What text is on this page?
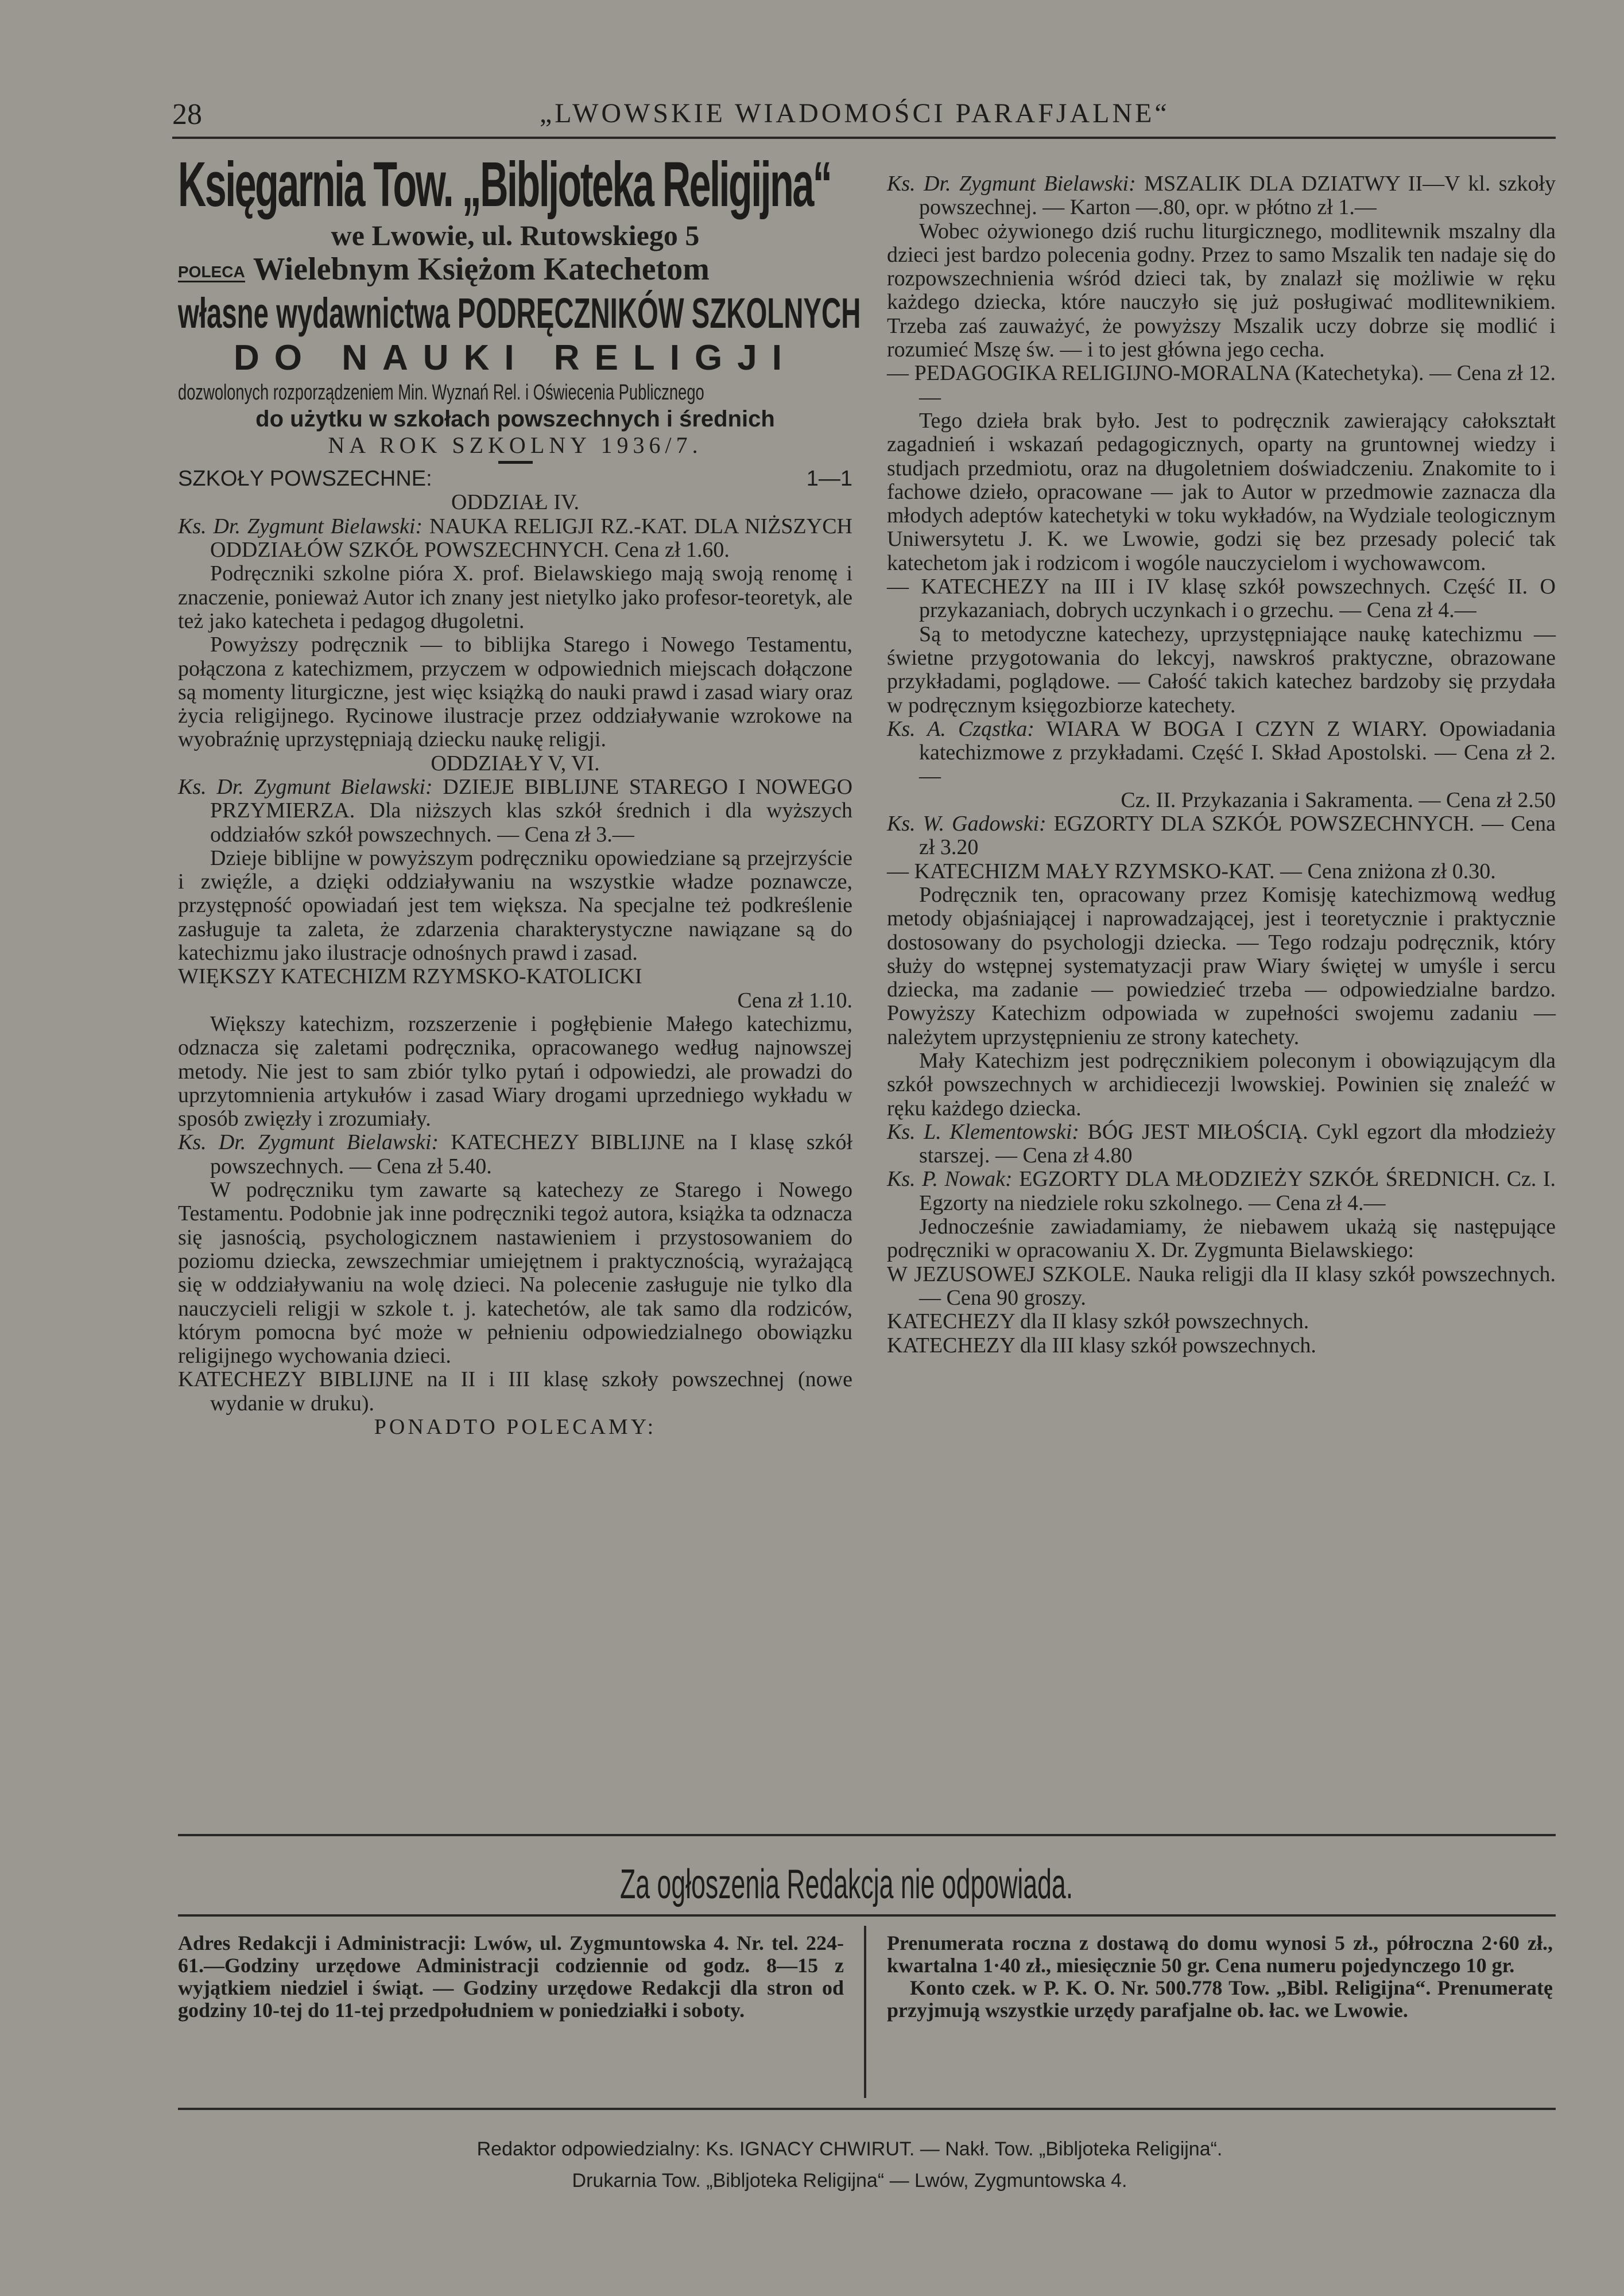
28	„LWOWSKIE WIADOMOŚCI PARAFJALNE“
Księgarnia Tow. „Bibljoteka Religijna“
we Lwowie, ul. Rutowskiego 5
POLECA Wielebnym Księżom Katechetom
własne wydawnictwa PODRĘCZNIKÓW SZKOLNYCH
DO NAUKI RELIGJI
dozwolonych rozporządzeniem Min. Wyznań Rel. i Oświecenia Publicznego
do użytku w szkołach powszechnych i średnich
NA ROK SZKOLNY 1936/7.

SZKOŁY POWSZECHNE:	1—1

ODDZIAŁ IV.

Ks. Dr. Zygmunt Bielawski: NAUKA RELIGJI RZ.-KAT. DLA NIŻSZYCH ODDZIAŁÓW SZKÓŁ POWSZECHNYCH. Cena zł 1.60.

Podręczniki szkolne pióra X. prof. Bielawskiego mają swoją renomę i znaczenie, ponieważ Autor ich znany jest nietylko jako profesor-teoretyk, ale też jako katecheta i pedagog długoletni.

Powyższy podręcznik — to biblijka Starego i Nowego Testamentu, połączona z katechizmem, przyczem w odpowiednich miejscach dołączone są momenty liturgiczne, jest więc książką do nauki prawd i zasad wiary oraz życia religijnego. Rycinowe ilustracje przez oddziaływanie wzrokowe na wyobraźnię uprzystępniają dziecku naukę religji.

ODDZIAŁY V, VI.

Ks. Dr. Zygmunt Bielawski: DZIEJE BIBLIJNE STAREGO I NOWEGO PRZYMIERZA. Dla niższych klas szkół średnich i dla wyższych oddziałów szkół powszechnych. — Cena zł 3.—

Dzieje biblijne w powyższym podręczniku opowiedziane są przejrzyście i zwięźle, a dzięki oddziaływaniu na wszystkie władze poznawcze, przystępność opowiadań jest tem większa. Na specjalne też podkreślenie zasługuje ta zaleta, że zdarzenia charakterystyczne nawiązane są do katechizmu jako ilustracje odnośnych prawd i zasad.

WIĘKSZY KATECHIZM RZYMSKO-KATOLICKI

Cena zł 1.10.

Większy katechizm, rozszerzenie i pogłębienie Małego katechizmu, odznacza się zaletami podręcznika, opracowanego według najnowszej metody. Nie jest to sam zbiór tylko pytań i odpowiedzi, ale prowadzi do uprzytomnienia artykułów i zasad Wiary drogami uprzedniego wykładu w sposób zwięzły i zrozumiały.

Ks. Dr. Zygmunt Bielawski: KATECHEZY BIBLIJNE na I klasę szkół powszechnych. — Cena zł 5.40.

W podręczniku tym zawarte są katechezy ze Starego i Nowego Testamentu. Podobnie jak inne podręczniki tegoż autora, książka ta odznacza się jasnością, psychologicznem nastawieniem i przystosowaniem do poziomu dziecka, zewszechmiar umiejętnem i praktycznością, wyrażającą się w oddziaływaniu na wolę dzieci. Na polecenie zasługuje nie tylko dla nauczycieli religji w szkole t. j. katechetów, ale tak samo dla rodziców, którym pomocna być może w pełnieniu odpowiedzialnego obowiązku religijnego wychowania dzieci.

KATECHEZY BIBLIJNE na II i III klasę szkoły powszechnej (nowe wydanie w druku).

PONADTO POLECAMY:

Ks. Dr. Zygmunt Bielawski: MSZALIK DLA DZIATWY II—V kl. szkoły powszechnej. — Karton —.80, opr. w płótno zł 1.—

Wobec ożywionego dziś ruchu liturgicznego, modlitewnik mszalny dla dzieci jest bardzo polecenia godny. Przez to samo Mszalik ten nadaje się do rozpowszechnienia wśród dzieci tak, by znalazł się możliwie w ręku każdego dziecka, które nauczyło się już posługiwać modlitewnikiem. Trzeba zaś zauważyć, że powyższy Mszalik uczy dobrze się modlić i rozumieć Mszę św. — i to jest główna jego cecha.

— PEDAGOGIKA RELIGIJNO-MORALNA (Katechetyka). — Cena zł 12.—

Tego dzieła brak było. Jest to podręcznik zawierający całokształt zagadnień i wskazań pedagogicznych, oparty na gruntownej wiedzy i studjach przedmiotu, oraz na długoletniem doświadczeniu. Znakomite to i fachowe dzieło, opracowane — jak to Autor w przedmowie zaznacza dla młodych adeptów katechetyki w toku wykładów, na Wydziale teologicznym Uniwersytetu J. K. we Lwowie, godzi się bez przesady polecić tak katechetom jak i rodzicom i wogóle nauczycielom i wychowawcom.

— KATECHEZY na III i IV klasę szkół powszechnych. Część II. O przykazaniach, dobrych uczynkach i o grzechu. — Cena zł 4.—

Są to metodyczne katechezy, uprzystępniające naukę katechizmu — świetne przygotowania do lekcyj, nawskroś praktyczne, obrazowane przykładami, poglądowe. — Całość takich katechez bardzoby się przydała w podręcznym księgozbiorze katechety.

Ks. A. Cząstka: WIARA W BOGA I CZYN Z WIARY. Opowiadania katechizmowe z przykładami. Część I. Skład Apostolski. — Cena zł 2.—

Cz. II. Przykazania i Sakramenta. — Cena zł 2.50

Ks. W. Gadowski: EGZORTY DLA SZKÓŁ POWSZECHNYCH. — Cena zł 3.20

— KATECHIZM MAŁY RZYMSKO-KAT. — Cena zniżona zł 0.30.

Podręcznik ten, opracowany przez Komisję katechizmową według metody objaśniającej i naprowadzającej, jest i teoretycznie i praktycznie dostosowany do psychologji dziecka. — Tego rodzaju podręcznik, który służy do wstępnej systematyzacji praw Wiary świętej w umyśle i sercu dziecka, ma zadanie — powiedzieć trzeba — odpowiedzialne bardzo. Powyższy Katechizm odpowiada w zupełności swojemu zadaniu — należytem uprzystępnieniu ze strony katechety.

Mały Katechizm jest podręcznikiem poleconym i obowiązującym dla szkół powszechnych w archidiecezji lwowskiej. Powinien się znaleźć w ręku każdego dziecka.

Ks. L. Klementowski: BÓG JEST MIŁOŚCIĄ. Cykl egzort dla młodzieży starszej. — Cena zł 4.80

Ks. P. Nowak: EGZORTY DLA MŁODZIEŻY SZKÓŁ ŚREDNICH. Cz. I. Egzorty na niedziele roku szkolnego. — Cena zł 4.—

Jednocześnie zawiadamiamy, że niebawem ukażą się następujące podręczniki w opracowaniu X. Dr. Zygmunta Bielawskiego:

W JEZUSOWEJ SZKOLE. Nauka religji dla II klasy szkół powszechnych. — Cena 90 groszy.

KATECHEZY dla II klasy szkół powszechnych.

KATECHEZY dla III klasy szkół powszechnych.

Za ogłoszenia Redakcja nie odpowiada.
Adres Redakcji i Administracji: Lwów, ul. Zygmuntowska 4. Nr. tel. 224-61.—Godziny urzędowe Administracji codziennie od godz. 8—15 z wyjątkiem niedziel i świąt. — Godziny urzędowe Redakcji dla stron od godziny 10-tej do 11-tej przedpołudniem w poniedziałki i soboty.
Prenumerata roczna z dostawą do domu wynosi 5 zł., półroczna 2·60 zł., kwartalna 1·40 zł., miesięcznie 50 gr. Cena numeru pojedynczego 10 gr.
Konto czek. w P. K. O. Nr. 500.778 Tow. „Bibl. Religijna“. Prenumeratę przyjmują wszystkie urzędy parafjalne ob. łac. we Lwowie.
Redaktor odpowiedzialny: Ks. IGNACY CHWIRUT. — Nakł. Tow. „Bibljoteka Religijna“.
Drukarnia Tow. „Bibljoteka Religijna“ — Lwów, Zygmuntowska 4.
